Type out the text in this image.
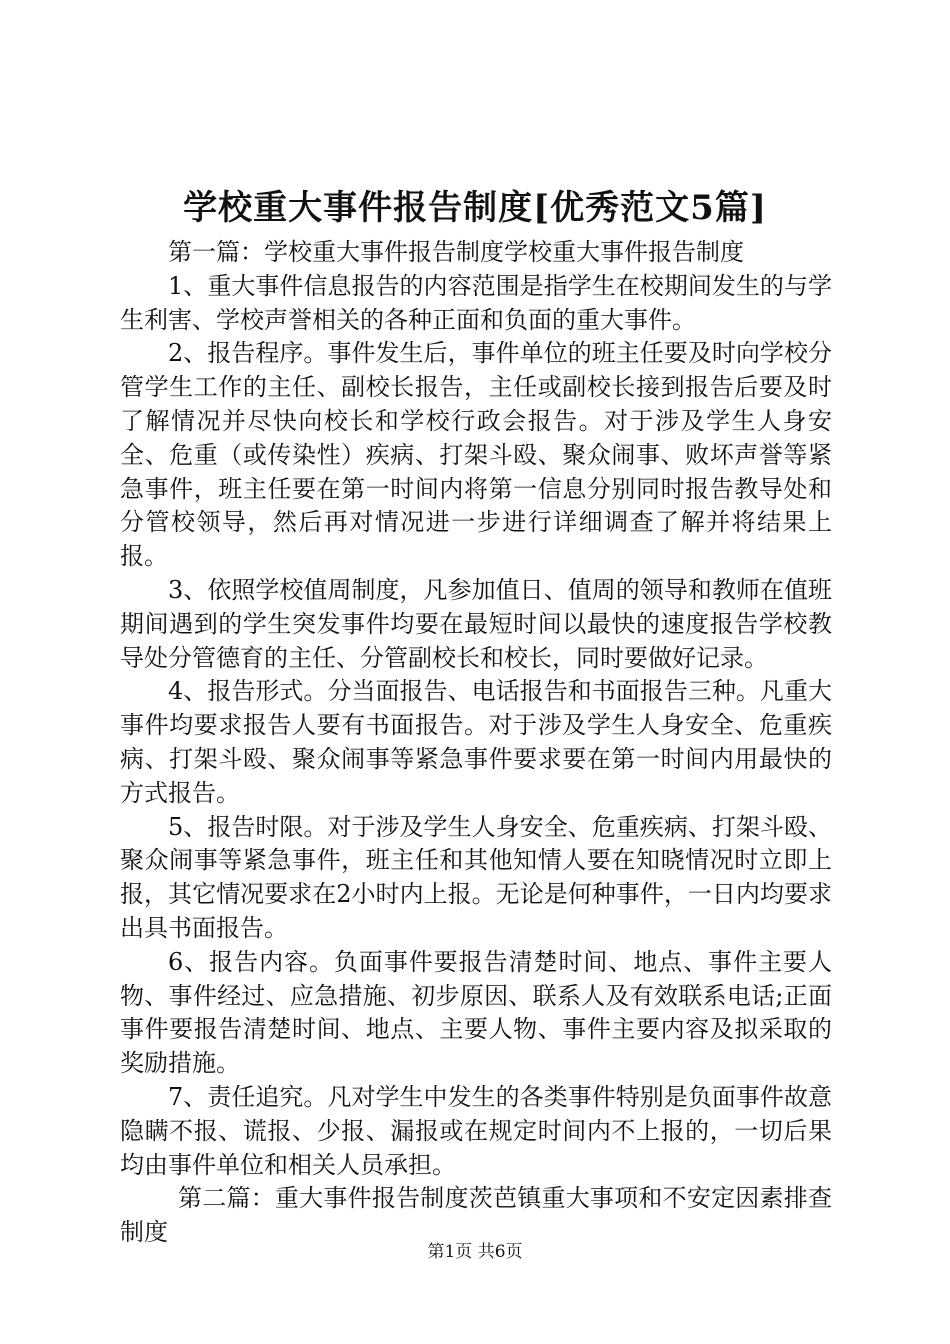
学校重大事件报告制度[优秀范文5篇]

第一篇：学校重大事件报告制度学校重大事件报告制度

1、重大事件信息报告的内容范围是指学生在校期间发生的与学生利害、学校声誉相关的各种正面和负面的重大事件。

2、报告程序。事件发生后，事件单位的班主任要及时向学校分管学生工作的主任、副校长报告，主任或副校长接到报告后要及时了解情况并尽快向校长和学校行政会报告。对于涉及学生人身安全、危重（或传染性）疾病、打架斗殴、聚众闹事、败坏声誉等紧急事件，班主任要在第一时间内将第一信息分别同时报告教导处和分管校领导，然后再对情况进一步进行详细调查了解并将结果上报。

3、依照学校值周制度，凡参加值日、值周的领导和教师在值班期间遇到的学生突发事件均要在最短时间以最快的速度报告学校教导处分管德育的主任、分管副校长和校长，同时要做好记录。

4、报告形式。分当面报告、电话报告和书面报告三种。凡重大事件均要求报告人要有书面报告。对于涉及学生人身安全、危重疾病、打架斗殴、聚众闹事等紧急事件要求要在第一时间内用最快的方式报告。

5、报告时限。对于涉及学生人身安全、危重疾病、打架斗殴、聚众闹事等紧急事件，班主任和其他知情人要在知晓情况时立即上报，其它情况要求在2小时内上报。无论是何种事件，一日内均要求出具书面报告。

6、报告内容。负面事件要报告清楚时间、地点、事件主要人物、事件经过、应急措施、初步原因、联系人及有效联系电话;正面事件要报告清楚时间、地点、主要人物、事件主要内容及拟采取的奖励措施。

7、责任追究。凡对学生中发生的各类事件特别是负面事件故意隐瞒不报、谎报、少报、漏报或在规定时间内不上报的，一切后果均由事件单位和相关人员承担。

第二篇：重大事件报告制度茨芭镇重大事项和不安定因素排查制度

第1页 共6页
